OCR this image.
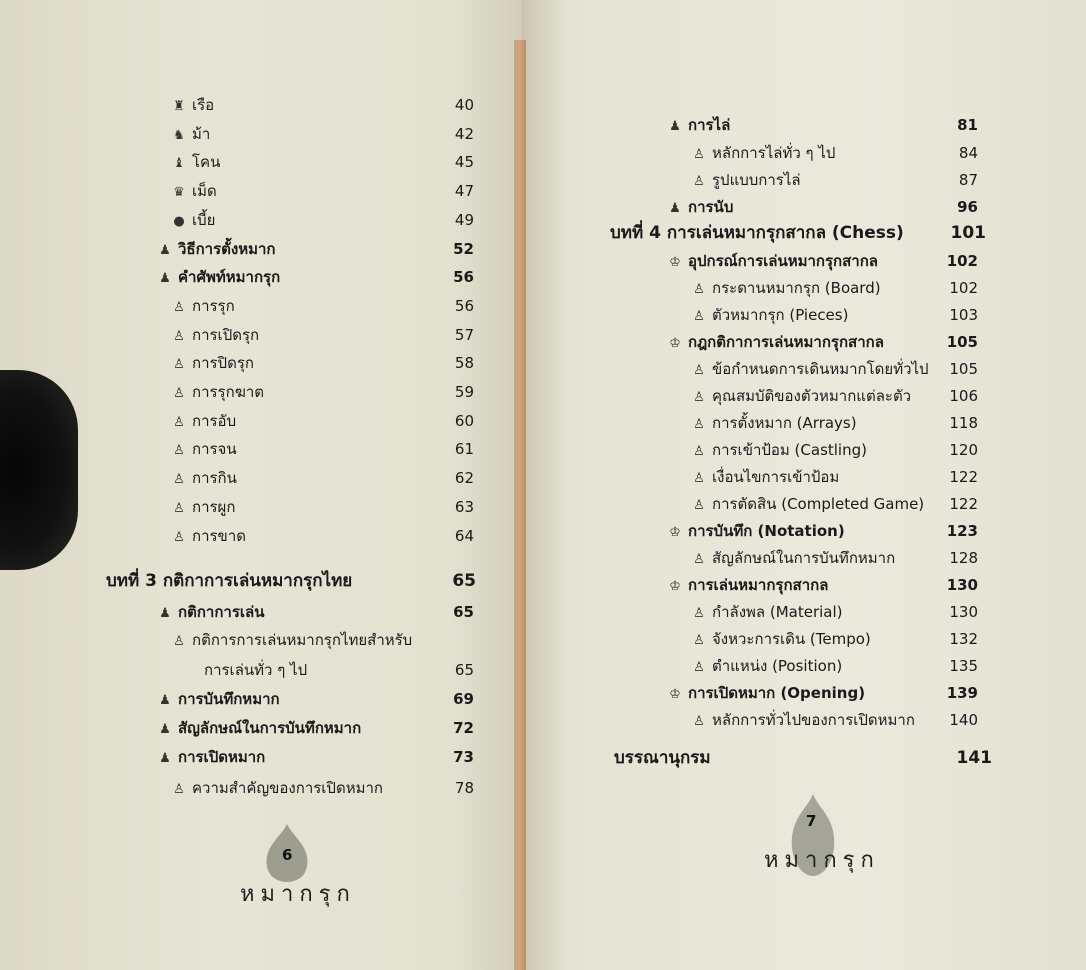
♜ เรือ	40
♞ ม้า	42
♝ โคน	45
♛ เม็ด	47
● เบี้ย	49
♟ วิธีการตั้งหมาก	52
♟ คำศัพท์หมากรุก	56
♙ การรุก	56
♙ การเปิดรุก	57
♙ การปิดรุก	58
♙ การรุกฆาต	59
♙ การอับ	60
♙ การจน	61
♙ การกิน	62
♙ การผูก	63
♙ การขาด	64
บทที่ 3 กติกาการเล่นหมากรุกไทย	65
♟ กติกาการเล่น	65
♙ กติการการเล่นหมากรุกไทยสำหรับ
การเล่นทั่ว ๆ ไป	65
♟ การบันทึกหมาก	69
♟ สัญลักษณ์ในการบันทึกหมาก	72
♟ การเปิดหมาก	73
♙ ความสำคัญของการเปิดหมาก	78
♟ การไล่	81
♙ หลักการไล่ทั่ว ๆ ไป	84
♙ รูปแบบการไล่	87
♟ การนับ	96
บทที่ 4 การเล่นหมากรุกสากล (Chess)	101
♔ อุปกรณ์การเล่นหมากรุกสากล	102
♙ กระดานหมากรุก (Board)	102
♙ ตัวหมากรุก (Pieces)	103
♔ กฎกติกาการเล่นหมากรุกสากล	105
♙ ข้อกำหนดการเดินหมากโดยทั่วไป	105
♙ คุณสมบัติของตัวหมากแต่ละตัว	106
♙ การตั้งหมาก (Arrays)	118
♙ การเข้าป้อม (Castling)	120
♙ เงื่อนไขการเข้าป้อม	122
♙ การตัดสิน (Completed Game)	122
♔ การบันทึก (Notation)	123
♙ สัญลักษณ์ในการบันทึกหมาก	128
♔ การเล่นหมากรุกสากล	130
♙ กำลังพล (Material)	130
♙ จังหวะการเดิน (Tempo)	132
♙ ตำแหน่ง (Position)	135
♔ การเปิดหมาก (Opening)	139
♙ หลักการทั่วไปของการเปิดหมาก	140
บรรณานุกรม	141
6
หมากรุก
7
หมากรุก
